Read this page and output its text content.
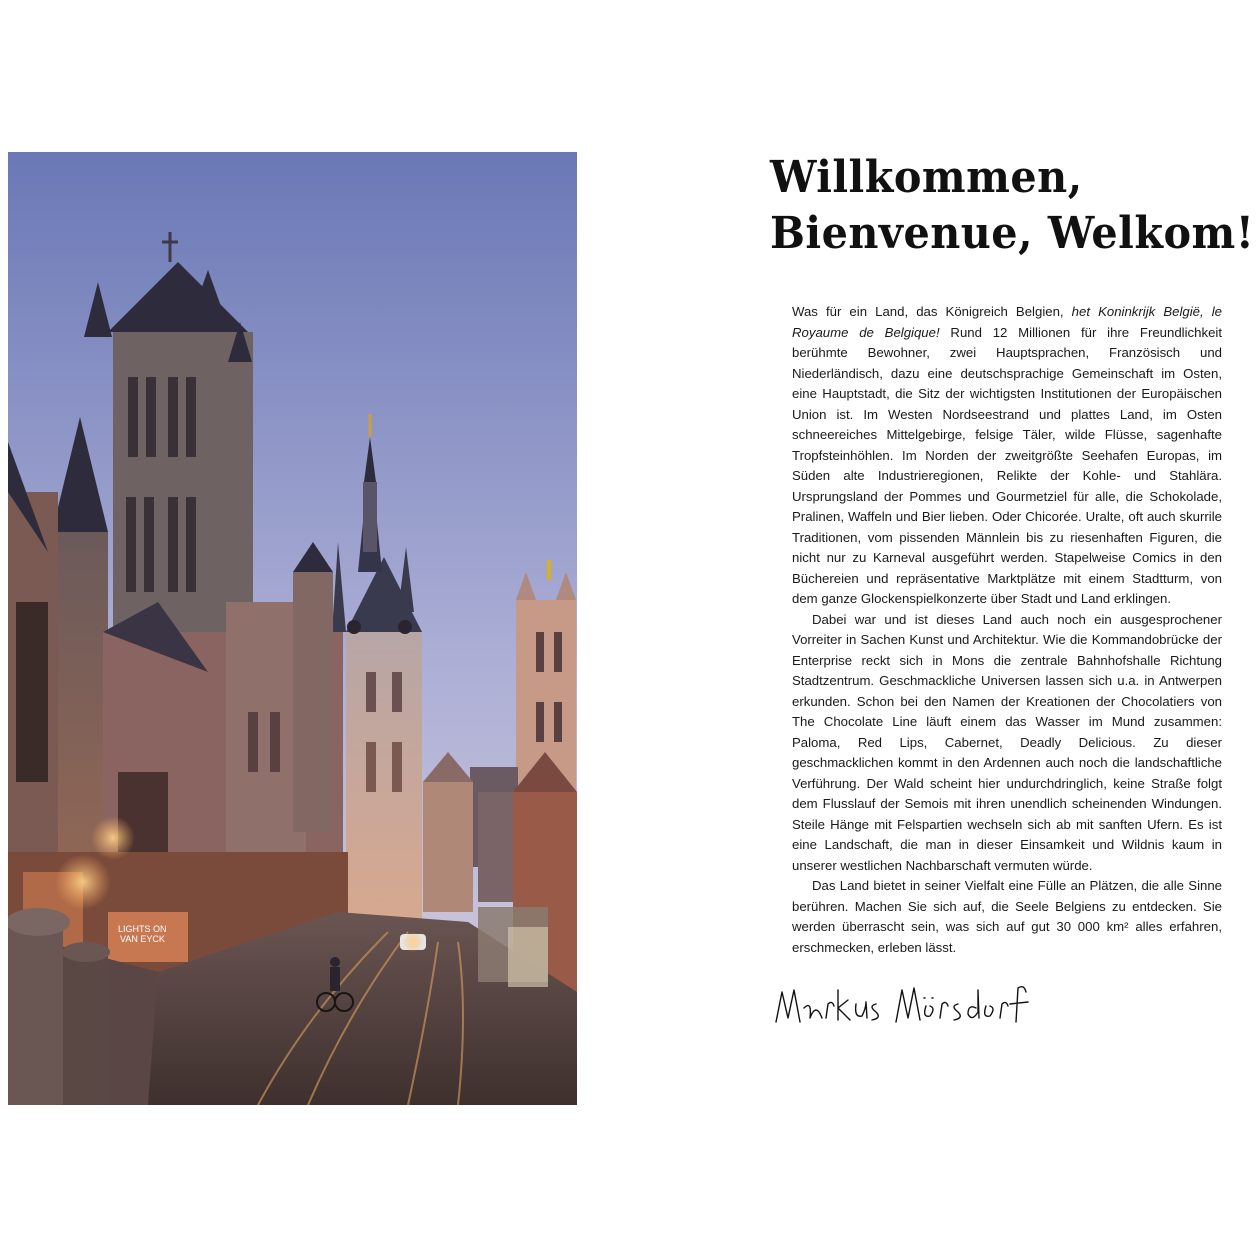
LIGHTS ON
VAN EYCK
Willkommen,
Bienvenue, Welkom!

Was für ein Land, das Königreich Belgien, het Koninkrijk België, le Royaume de Belgique! Rund 12 Millionen für ihre Freundlichkeit berühmte Bewohner, zwei Hauptsprachen, Französisch und Niederländisch, dazu eine deutschsprachige Gemeinschaft im Osten, eine Hauptstadt, die Sitz der wichtigsten Institutionen der Europäischen Union ist. Im Westen Nordseestrand und plattes Land, im Osten schneereiches Mittelgebirge, felsige Täler, wilde Flüsse, sagenhafte Tropfsteinhöhlen. Im Norden der zweitgrößte Seehafen Europas, im Süden alte Industrieregionen, Relikte der Kohle- und Stahlära. Ursprungsland der Pommes und Gourmetziel für alle, die Schokolade, Pralinen, Waffeln und Bier lieben. Oder Chicorée. Uralte, oft auch skurrile Traditionen, vom pissenden Männlein bis zu riesenhaften Figuren, die nicht nur zu Karneval ausgeführt werden. Stapelweise Comics in den Büchereien und repräsentative Marktplätze mit einem Stadtturm, von dem ganze Glockenspielkonzerte über Stadt und Land erklingen.

Dabei war und ist dieses Land auch noch ein ausgesprochener Vorreiter in Sachen Kunst und Architektur. Wie die Kommandobrücke der Enterprise reckt sich in Mons die zentrale Bahnhofshalle Richtung Stadtzentrum. Geschmackliche Universen lassen sich u.a. in Antwerpen erkunden. Schon bei den Namen der Kreationen der Chocolatiers von The Chocolate Line läuft einem das Wasser im Mund zusammen: Paloma, Red Lips, Cabernet, Deadly Delicious. Zu dieser geschmacklichen kommt in den Ardennen auch noch die landschaftliche Verführung. Der Wald scheint hier undurchdringlich, keine Straße folgt dem Flusslauf der Semois mit ihren unendlich scheinenden Windungen. Steile Hänge mit Felspartien wechseln sich ab mit sanften Ufern. Es ist eine Landschaft, die man in dieser Einsamkeit und Wildnis kaum in unserer westlichen Nachbarschaft vermuten würde.

Das Land bietet in seiner Vielfalt eine Fülle an Plätzen, die alle Sinne berühren. Machen Sie sich auf, die Seele Belgiens zu entdecken. Sie werden überrascht sein, was sich auf gut 30 000 km² alles erfahren, erschmecken, erleben lässt.
